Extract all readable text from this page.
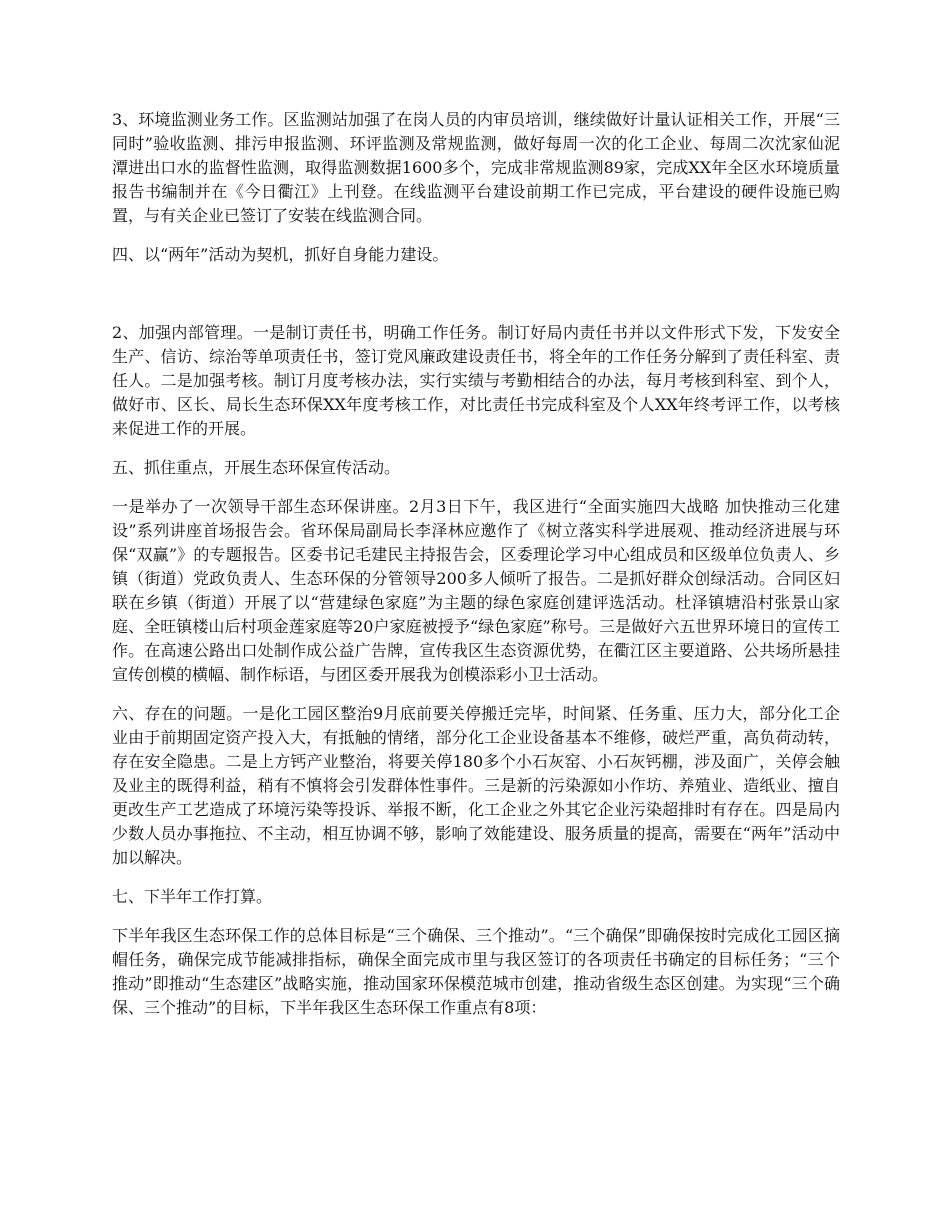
3、环境监测业务工作。区监测站加强了在岗人员的内审员培训，继续做好计量认证相关工作，开展“三同时”验收监测、排污申报监测、环评监测及常规监测，做好每周一次的化工企业、每周二次沈家仙泥潭进出口水的监督性监测，取得监测数据1600多个，完成非常规监测89家，完成XX年全区水环境质量报告书编制并在《今日衢江》上刊登。在线监测平台建设前期工作已完成，平台建设的硬件设施已购置，与有关企业已签订了安装在线监测合同。

四、以“两年”活动为契机，抓好自身能力建设。

2、加强内部管理。一是制订责任书，明确工作任务。制订好局内责任书并以文件形式下发，下发安全生产、信访、综治等单项责任书，签订党风廉政建设责任书，将全年的工作任务分解到了责任科室、责任人。二是加强考核。制订月度考核办法，实行实绩与考勤相结合的办法，每月考核到科室、到个人，做好市、区长、局长生态环保XX年度考核工作，对比责任书完成科室及个人XX年终考评工作，以考核来促进工作的开展。

五、抓住重点，开展生态环保宣传活动。

一是举办了一次领导干部生态环保讲座。2月3日下午，我区进行“全面实施四大战略 加快推动三化建设”系列讲座首场报告会。省环保局副局长李泽林应邀作了《树立落实科学进展观、推动经济进展与环保“双赢”》的专题报告。区委书记毛建民主持报告会，区委理论学习中心组成员和区级单位负责人、乡镇（街道）党政负责人、生态环保的分管领导200多人倾听了报告。二是抓好群众创绿活动。合同区妇联在乡镇（街道）开展了以“营建绿色家庭”为主题的绿色家庭创建评选活动。杜泽镇塘沿村张景山家庭、全旺镇楼山后村项金莲家庭等20户家庭被授予“绿色家庭”称号。三是做好六五世界环境日的宣传工作。在高速公路出口处制作成公益广告牌，宣传我区生态资源优势，在衢江区主要道路、公共场所悬挂宣传创模的横幅、制作标语，与团区委开展我为创模添彩小卫士活动。

六、存在的问题。一是化工园区整治9月底前要关停搬迁完毕，时间紧、任务重、压力大，部分化工企业由于前期固定资产投入大，有抵触的情绪，部分化工企业设备基本不维修，破烂严重，高负荷动转，存在安全隐患。二是上方钙产业整治，将要关停180多个小石灰窑、小石灰钙棚，涉及面广，关停会触及业主的既得利益，稍有不慎将会引发群体性事件。三是新的污染源如小作坊、养殖业、造纸业、擅自更改生产工艺造成了环境污染等投诉、举报不断，化工企业之外其它企业污染超排时有存在。四是局内少数人员办事拖拉、不主动，相互协调不够，影响了效能建设、服务质量的提高，需要在“两年”活动中加以解决。

七、下半年工作打算。

下半年我区生态环保工作的总体目标是“三个确保、三个推动”。“三个确保”即确保按时完成化工园区摘帽任务，确保完成节能减排指标，确保全面完成市里与我区签订的各项责任书确定的目标任务；“三个推动”即推动“生态建区”战略实施，推动国家环保模范城市创建，推动省级生态区创建。为实现“三个确保、三个推动”的目标，下半年我区生态环保工作重点有8项：
